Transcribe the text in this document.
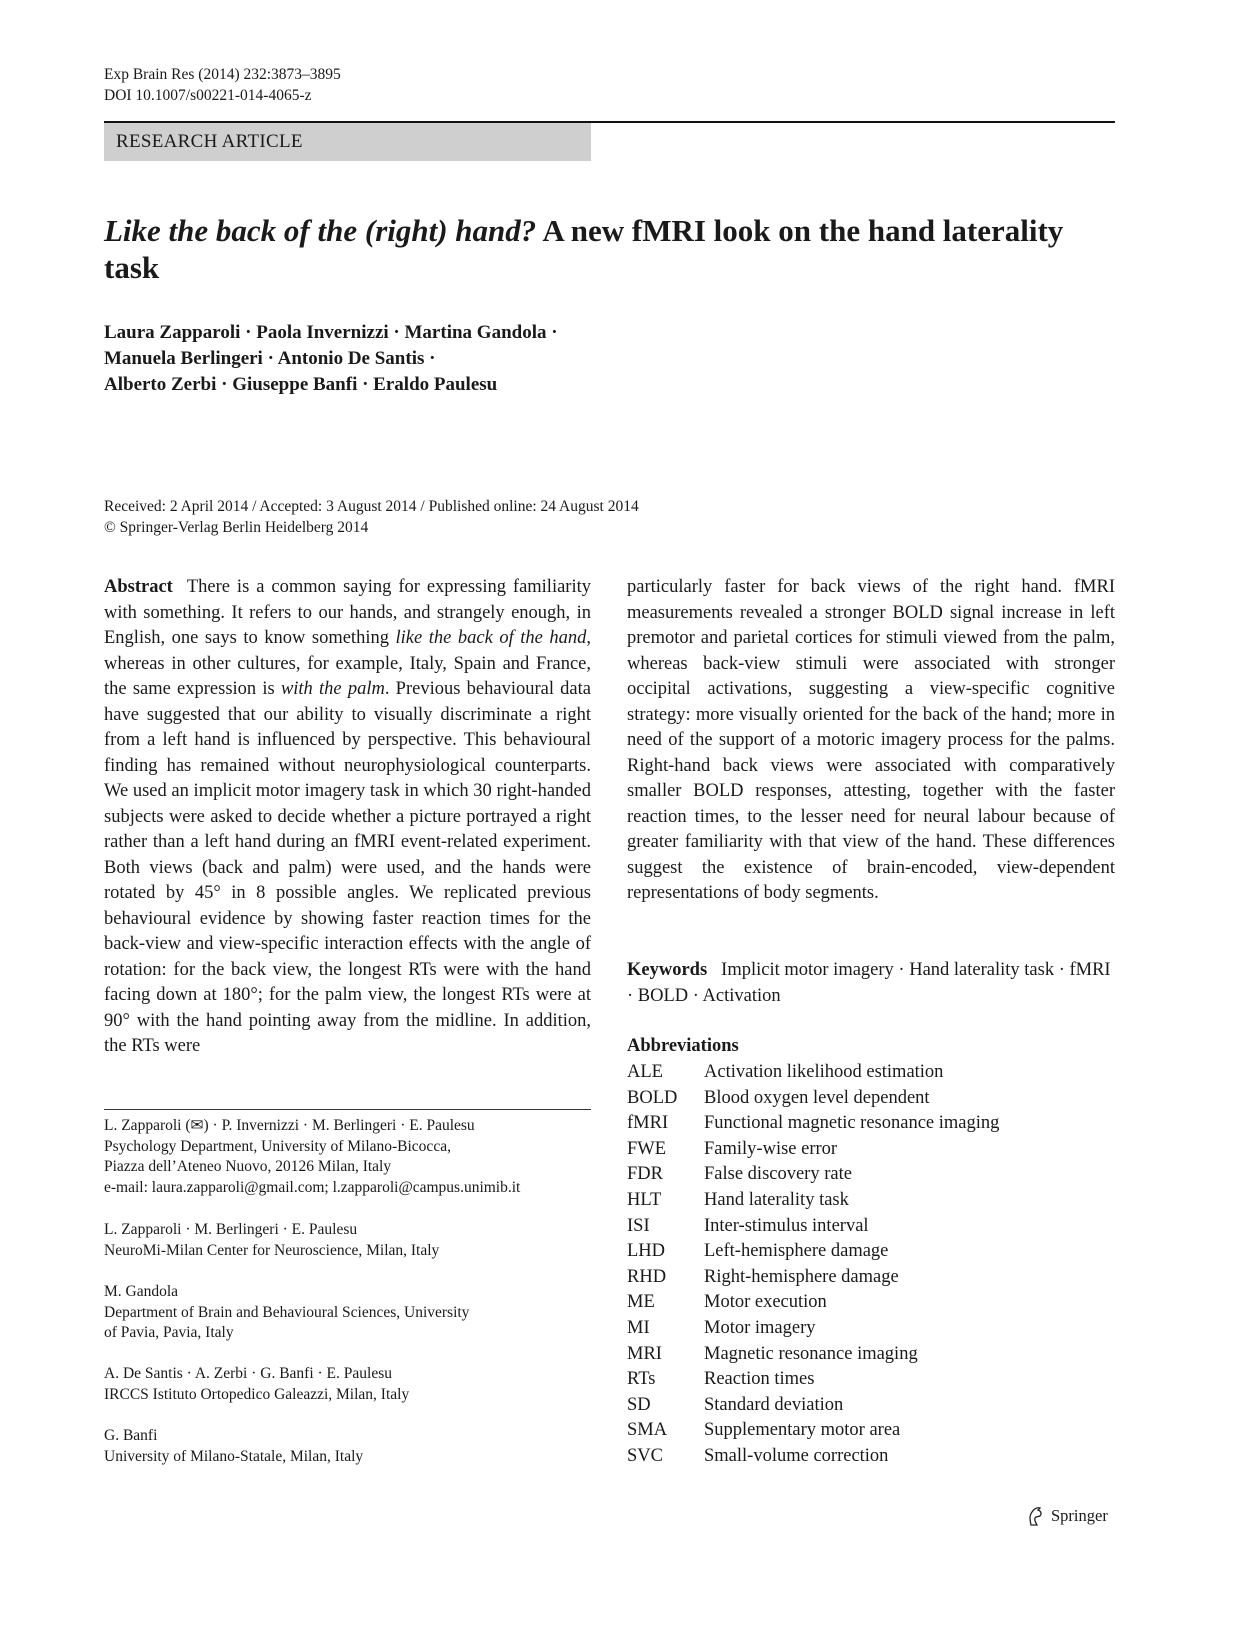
Exp Brain Res (2014) 232:3873–3895
DOI 10.1007/s00221-014-4065-z
RESEARCH ARTICLE
Like the back of the (right) hand? A new fMRI look on the hand laterality task
Laura Zapparoli · Paola Invernizzi · Martina Gandola ·
Manuela Berlingeri · Antonio De Santis ·
Alberto Zerbi · Giuseppe Banfi · Eraldo Paulesu
Received: 2 April 2014 / Accepted: 3 August 2014 / Published online: 24 August 2014
© Springer-Verlag Berlin Heidelberg 2014
Abstract There is a common saying for expressing familiarity with something. It refers to our hands, and strangely enough, in English, one says to know something like the back of the hand, whereas in other cultures, for example, Italy, Spain and France, the same expression is with the palm. Previous behavioural data have suggested that our ability to visually discriminate a right from a left hand is influenced by perspective. This behavioural finding has remained without neurophysiological counterparts. We used an implicit motor imagery task in which 30 right-handed subjects were asked to decide whether a picture portrayed a right rather than a left hand during an fMRI event-related experiment. Both views (back and palm) were used, and the hands were rotated by 45° in 8 possible angles. We replicated previous behavioural evidence by showing faster reaction times for the back-view and view-specific interaction effects with the angle of rotation: for the back view, the longest RTs were with the hand facing down at 180°; for the palm view, the longest RTs were at 90° with the hand pointing away from the midline. In addition, the RTs were
L. Zapparoli (✉) · P. Invernizzi · M. Berlingeri · E. Paulesu
Psychology Department, University of Milano-Bicocca,
Piazza dell’Ateneo Nuovo, 20126 Milan, Italy
e-mail: laura.zapparoli@gmail.com; l.zapparoli@campus.unimib.it
L. Zapparoli · M. Berlingeri · E. Paulesu
NeuroMi-Milan Center for Neuroscience, Milan, Italy
M. Gandola
Department of Brain and Behavioural Sciences, University
of Pavia, Pavia, Italy
A. De Santis · A. Zerbi · G. Banfi · E. Paulesu
IRCCS Istituto Ortopedico Galeazzi, Milan, Italy
G. Banfi
University of Milano-Statale, Milan, Italy
particularly faster for back views of the right hand. fMRI measurements revealed a stronger BOLD signal increase in left premotor and parietal cortices for stimuli viewed from the palm, whereas back-view stimuli were associated with stronger occipital activations, suggesting a view-specific cognitive strategy: more visually oriented for the back of the hand; more in need of the support of a motoric imagery process for the palms. Right-hand back views were associated with comparatively smaller BOLD responses, attesting, together with the faster reaction times, to the lesser need for neural labour because of greater familiarity with that view of the hand. These differences suggest the existence of brain-encoded, view-dependent representations of body segments.
Keywords Implicit motor imagery · Hand laterality task · fMRI · BOLD · Activation
Abbreviations
ALE Activation likelihood estimation
BOLD Blood oxygen level dependent
fMRI Functional magnetic resonance imaging
FWE Family-wise error
FDR False discovery rate
HLT Hand laterality task
ISI	Inter-stimulus interval
LHD Left-hemisphere damage
RHD Right-hemisphere damage
ME	Motor execution
MI	Motor imagery
MRI Magnetic resonance imaging
RTs	Reaction times
SD	Standard deviation
SMA Supplementary motor area
SVC Small-volume correction
Springer
